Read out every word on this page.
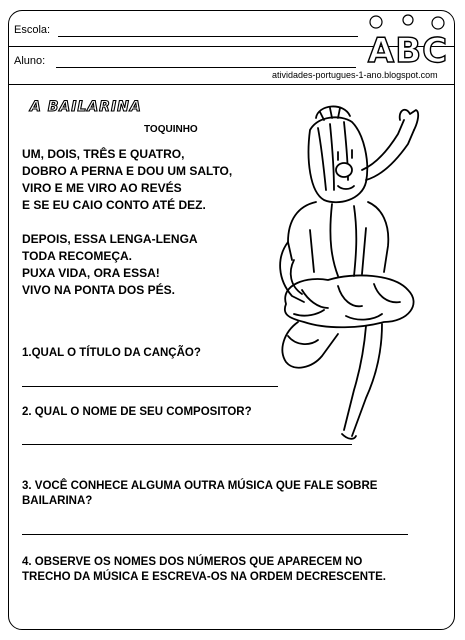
Escola:
Aluno:	ABC
atividades-portugues-1-ano.blogspot.com
A BAILARINA
TOQUINHO
UM, DOIS, TRÊS E QUATRO,
DOBRO A PERNA E DOU UM SALTO,
VIRO E ME VIRO AO REVÉS
E SE EU CAIO CONTO ATÉ DEZ.
DEPOIS, ESSA LENGA-LENGA
TODA RECOMEÇA.
PUXA VIDA, ORA ESSA!
VIVO NA PONTA DOS PÉS.
1.QUAL O TÍTULO DA CANÇÃO?
2. QUAL O NOME DE SEU COMPOSITOR?
3. VOCÊ CONHECE ALGUMA OUTRA MÚSICA QUE FALE SOBRE
BAILARINA?
4. OBSERVE OS NOMES DOS NÚMEROS QUE APARECEM NO
TRECHO DA MÚSICA E ESCREVA-OS NA ORDEM DECRESCENTE.
